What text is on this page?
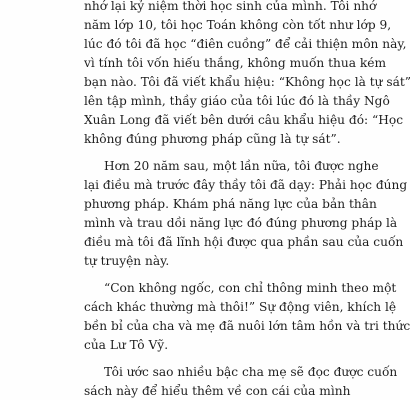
nhớ lại kỷ niệm thời học sinh của mình. Tôi nhớ
năm lớp 10, tôi học Toán không còn tốt như lớp 9,
lúc đó tôi đã học “điên cuồng” để cải thiện môn này,
vì tính tôi vốn hiếu thắng, không muốn thua kém
bạn nào. Tôi đã viết khẩu hiệu: “Không học là tự sát”
lên tập mình, thầy giáo của tôi lúc đó là thầy Ngô
Xuân Long đã viết bên dưới câu khẩu hiệu đó: “Học
không đúng phương pháp cũng là tự sát”.
Hơn 20 năm sau, một lần nữa, tôi được nghe
lại điều mà trước đây thầy tôi đã dạy: Phải học đúng
phương pháp. Khám phá năng lực của bản thân
mình và trau dồi năng lực đó đúng phương pháp là
điều mà tôi đã lĩnh hội được qua phần sau của cuốn
tự truyện này.
“Con không ngốc, con chỉ thông minh theo một
cách khác thường mà thôi!” Sự động viên, khích lệ
bền bỉ của cha và mẹ đã nuôi lớn tâm hồn và tri thức
của Lư Tô Vỹ.
Tôi ước sao nhiều bậc cha mẹ sẽ đọc được cuốn
sách này để hiểu thêm về con cái của mình
